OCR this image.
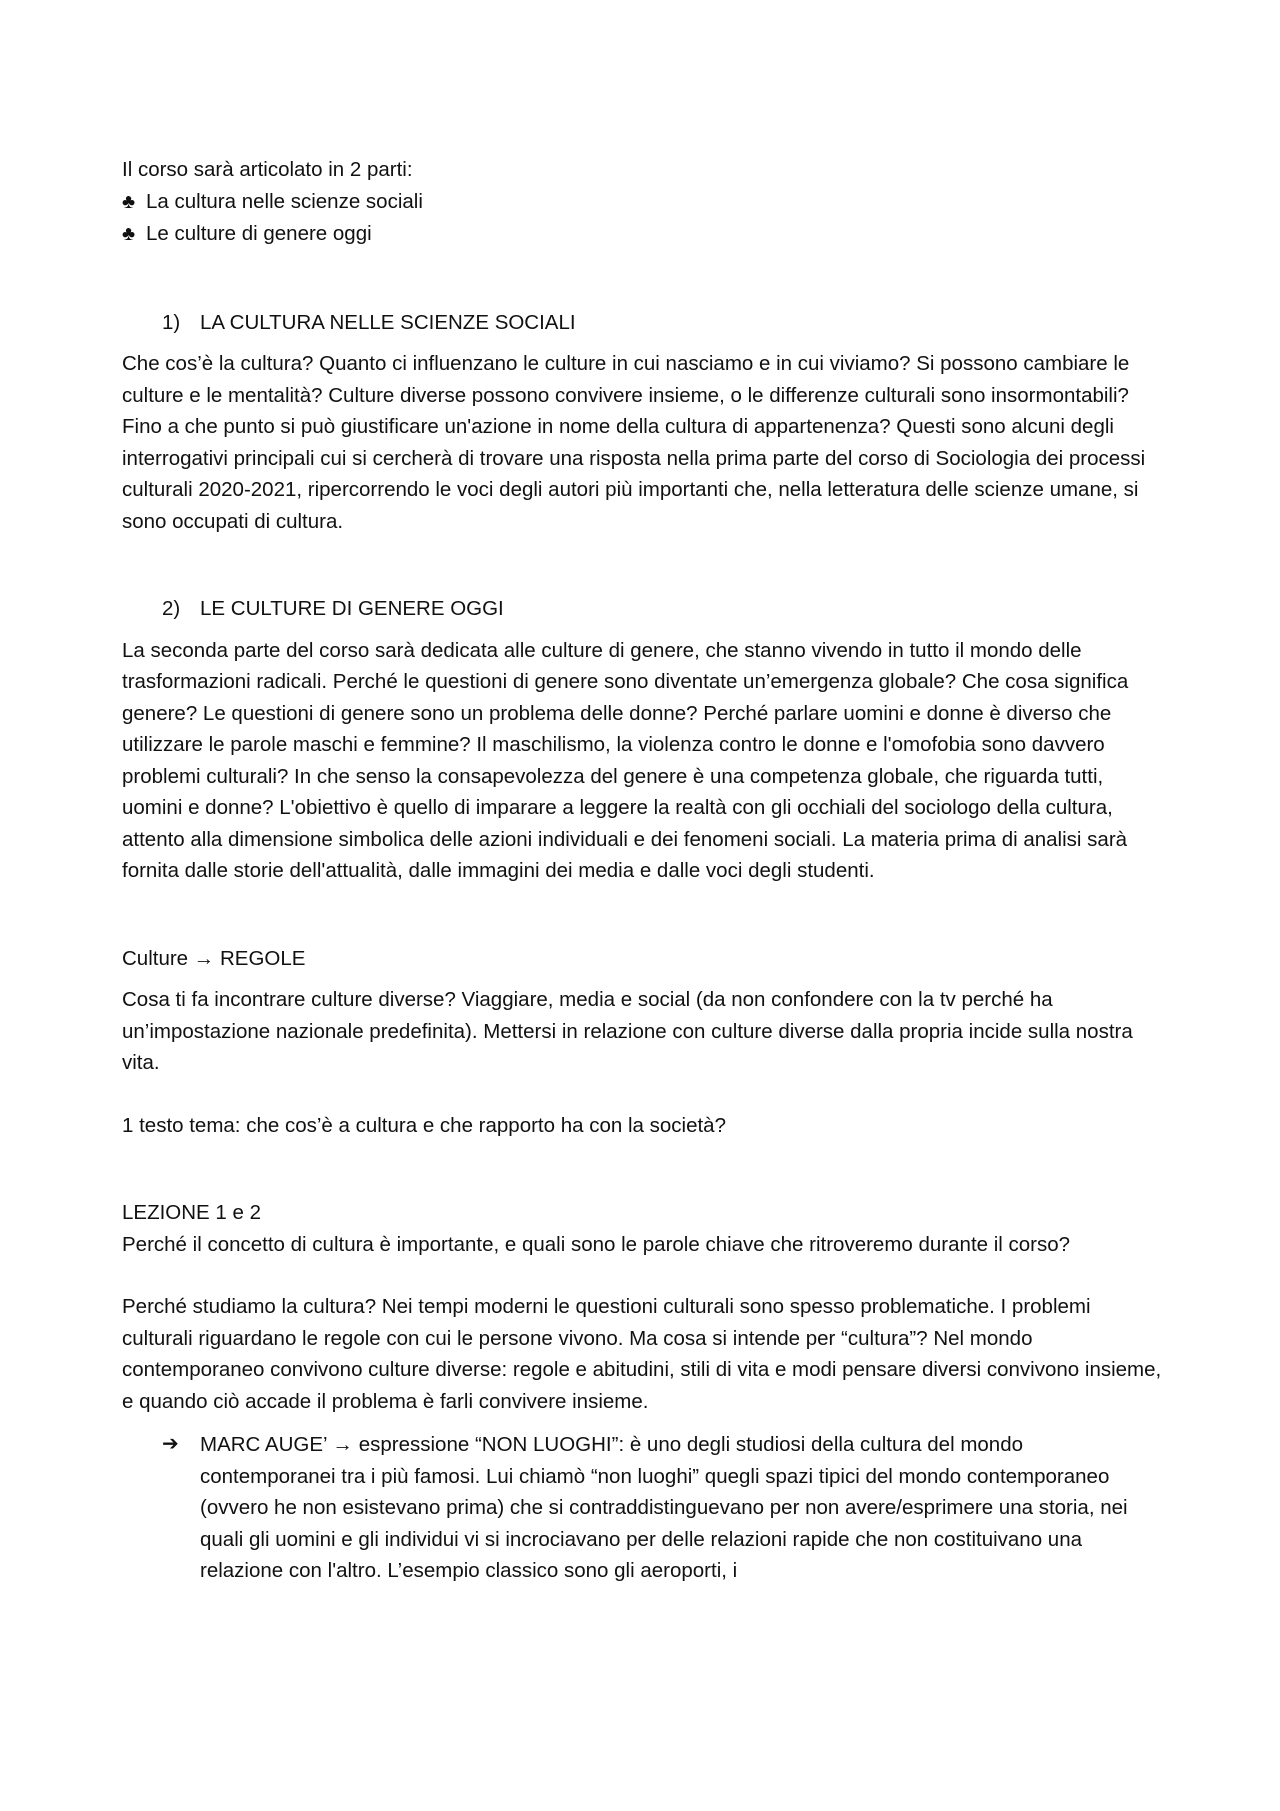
Il corso sarà articolato in 2 parti:
♣ La cultura nelle scienze sociali
♣ Le culture di genere oggi
1) LA CULTURA NELLE SCIENZE SOCIALI

Che cos’è la cultura? Quanto ci influenzano le culture in cui nasciamo e in cui viviamo? Si possono cambiare le culture e le mentalità? Culture diverse possono convivere insieme, o le differenze culturali sono insormontabili? Fino a che punto si può giustificare un'azione in nome della cultura di appartenenza? Questi sono alcuni degli interrogativi principali cui si cercherà di trovare una risposta nella prima parte del corso di Sociologia dei processi culturali 2020-2021, ripercorrendo le voci degli autori più importanti che, nella letteratura delle scienze umane, si sono occupati di cultura.

2) LE CULTURE DI GENERE OGGI

La seconda parte del corso sarà dedicata alle culture di genere, che stanno vivendo in tutto il mondo delle trasformazioni radicali. Perché le questioni di genere sono diventate un’emergenza globale? Che cosa significa genere? Le questioni di genere sono un problema delle donne? Perché parlare uomini e donne è diverso che utilizzare le parole maschi e femmine? Il maschilismo, la violenza contro le donne e l'omofobia sono davvero problemi culturali? In che senso la consapevolezza del genere è una competenza globale, che riguarda tutti, uomini e donne? L'obiettivo è quello di imparare a leggere la realtà con gli occhiali del sociologo della cultura, attento alla dimensione simbolica delle azioni individuali e dei fenomeni sociali. La materia prima di analisi sarà fornita dalle storie dell'attualità, dalle immagini dei media e dalle voci degli studenti.

Culture → REGOLE

Cosa ti fa incontrare culture diverse? Viaggiare, media e social (da non confondere con la tv perché ha un’impostazione nazionale predefinita). Mettersi in relazione con culture diverse dalla propria incide sulla nostra vita.

1 testo tema: che cos’è a cultura e che rapporto ha con la società?

LEZIONE 1 e 2

Perché il concetto di cultura è importante, e quali sono le parole chiave che ritroveremo durante il corso?

Perché studiamo la cultura? Nei tempi moderni le questioni culturali sono spesso problematiche. I problemi culturali riguardano le regole con cui le persone vivono. Ma cosa si intende per “cultura”? Nel mondo contemporaneo convivono culture diverse: regole e abitudini, stili di vita e modi pensare diversi convivono insieme, e quando ciò accade il problema è farli convivere insieme.

➔	MARC AUGE’ → espressione “NON LUOGHI”: è uno degli studiosi della cultura del mondo contemporanei tra i più famosi. Lui chiamò “non luoghi” quegli spazi tipici del mondo contemporaneo (ovvero he non esistevano prima) che si contraddistinguevano per non avere/esprimere una storia, nei quali gli uomini e gli individui vi si incrociavano per delle relazioni rapide che non costituivano una relazione con l'altro. L’esempio classico sono gli aeroporti, i
